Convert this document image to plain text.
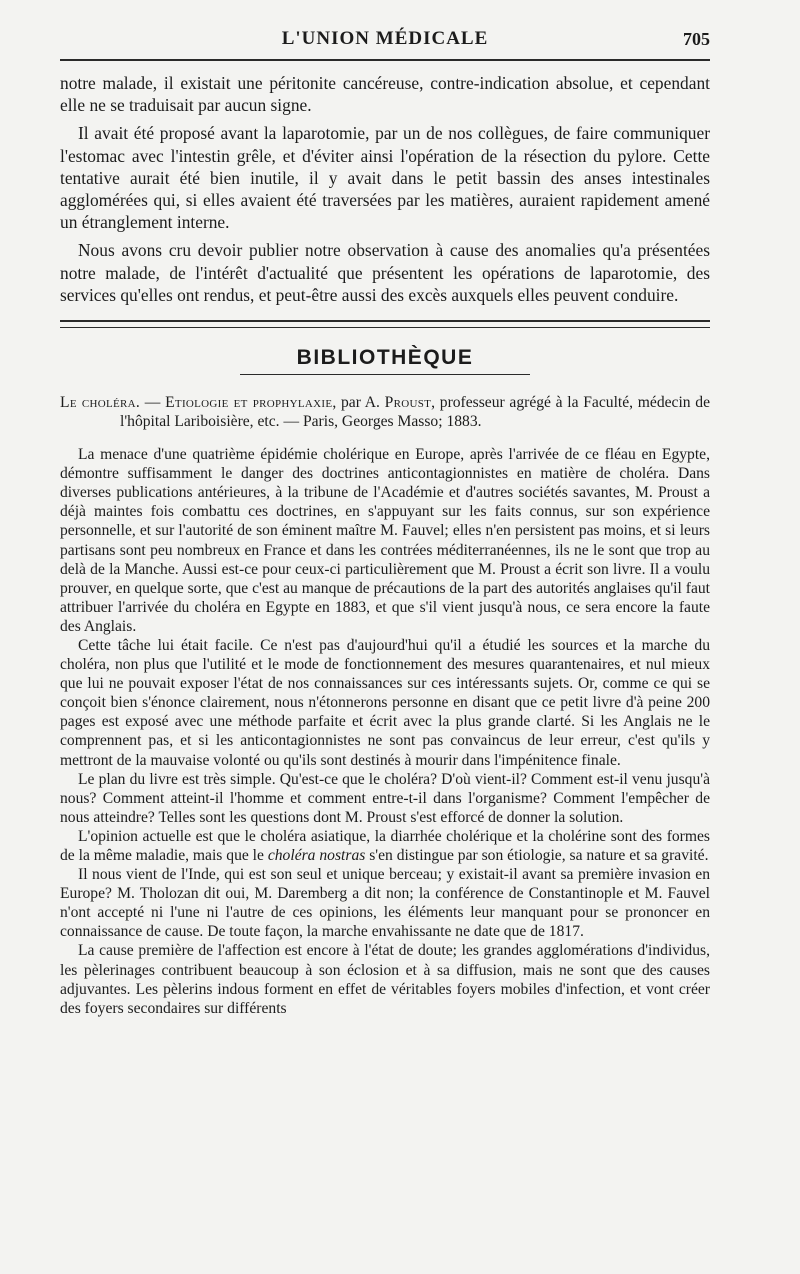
L'UNION MÉDICALE	705

notre malade, il existait une péritonite cancéreuse, contre-indication absolue, et cependant elle ne se traduisait par aucun signe.

Il avait été proposé avant la laparotomie, par un de nos collègues, de faire communiquer l'estomac avec l'intestin grêle, et d'éviter ainsi l'opération de la résection du pylore. Cette tentative aurait été bien inutile, il y avait dans le petit bassin des anses intestinales agglomérées qui, si elles avaient été traversées par les matières, auraient rapidement amené un étranglement interne.

Nous avons cru devoir publier notre observation à cause des anomalies qu'a présentées notre malade, de l'intérêt d'actualité que présentent les opérations de laparotomie, des services qu'elles ont rendus, et peut-être aussi des excès auxquels elles peuvent conduire.

BIBLIOTHÈQUE

Le choléra. — Etiologie et prophylaxie, par A. Proust, professeur agrégé à la Faculté, médecin de l'hôpital Lariboisière, etc. — Paris, Georges Masso; 1883.

La menace d'une quatrième épidémie cholérique en Europe, après l'arrivée de ce fléau en Egypte, démontre suffisamment le danger des doctrines anticontagionnistes en matière de choléra. Dans diverses publications antérieures, à la tribune de l'Académie et d'autres sociétés savantes, M. Proust a déjà maintes fois combattu ces doctrines, en s'appuyant sur les faits connus, sur son expérience personnelle, et sur l'autorité de son éminent maître M. Fauvel; elles n'en persistent pas moins, et si leurs partisans sont peu nombreux en France et dans les contrées méditerranéennes, ils ne le sont que trop au delà de la Manche. Aussi est-ce pour ceux-ci particulièrement que M. Proust a écrit son livre. Il a voulu prouver, en quelque sorte, que c'est au manque de précautions de la part des autorités anglaises qu'il faut attribuer l'arrivée du choléra en Egypte en 1883, et que s'il vient jusqu'à nous, ce sera encore la faute des Anglais.

Cette tâche lui était facile. Ce n'est pas d'aujourd'hui qu'il a étudié les sources et la marche du choléra, non plus que l'utilité et le mode de fonctionnement des mesures quarantenaires, et nul mieux que lui ne pouvait exposer l'état de nos connaissances sur ces intéressants sujets. Or, comme ce qui se conçoit bien s'énonce clairement, nous n'étonnerons personne en disant que ce petit livre d'à peine 200 pages est exposé avec une méthode parfaite et écrit avec la plus grande clarté. Si les Anglais ne le comprennent pas, et si les anticontagionnistes ne sont pas convaincus de leur erreur, c'est qu'ils y mettront de la mauvaise volonté ou qu'ils sont destinés à mourir dans l'impénitence finale.

Le plan du livre est très simple. Qu'est-ce que le choléra? D'où vient-il? Comment est-il venu jusqu'à nous? Comment atteint-il l'homme et comment entre-t-il dans l'organisme? Comment l'empêcher de nous atteindre? Telles sont les questions dont M. Proust s'est efforcé de donner la solution.

L'opinion actuelle est que le choléra asiatique, la diarrhée cholérique et la cholérine sont des formes de la même maladie, mais que le choléra nostras s'en distingue par son étiologie, sa nature et sa gravité.

Il nous vient de l'Inde, qui est son seul et unique berceau; y existait-il avant sa première invasion en Europe? M. Tholozan dit oui, M. Daremberg a dit non; la conférence de Constantinople et M. Fauvel n'ont accepté ni l'une ni l'autre de ces opinions, les éléments leur manquant pour se prononcer en connaissance de cause. De toute façon, la marche envahissante ne date que de 1817.

La cause première de l'affection est encore à l'état de doute; les grandes agglomérations d'individus, les pèlerinages contribuent beaucoup à son éclosion et à sa diffusion, mais ne sont que des causes adjuvantes. Les pèlerins indous forment en effet de véritables foyers mobiles d'infection, et vont créer des foyers secondaires sur différents
